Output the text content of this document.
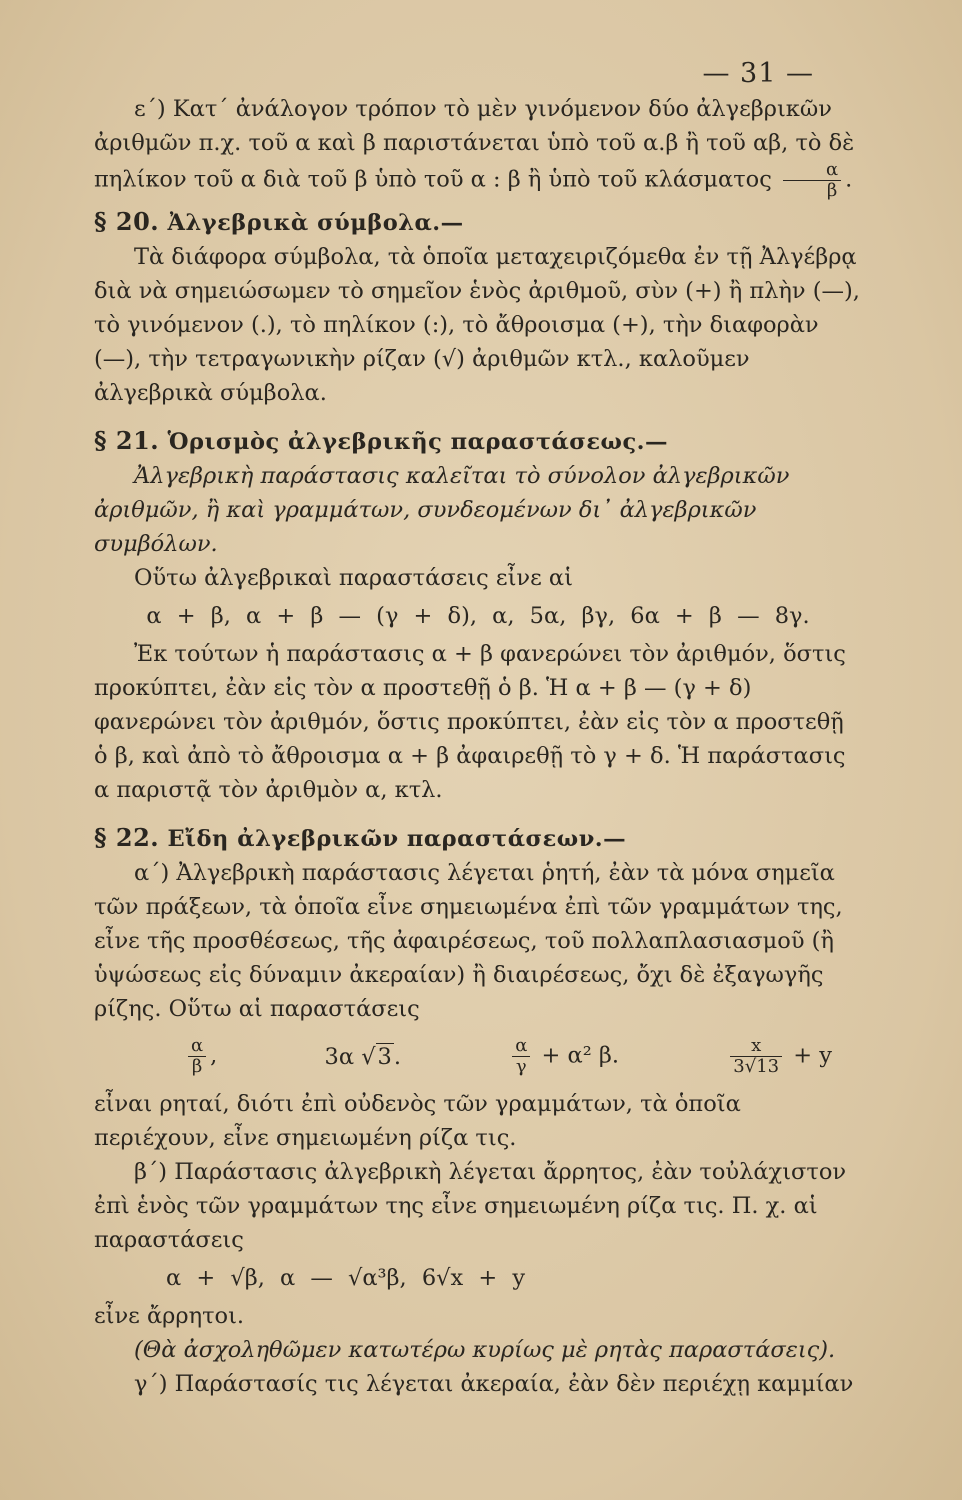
— 31 —

ε΄) Κατ΄ ἀνάλογον τρόπον τὸ μὲν γινόμενον δύο ἀλγεβρικῶν ἀριθμῶν π.χ. τοῦ α καὶ β παριστάνεται ὑπὸ τοῦ α.β ἢ τοῦ αβ, τὸ δὲ πηλίκον τοῦ α διὰ τοῦ β ὑπὸ τοῦ α : β ἢ ὑπὸ τοῦ κλάσματος $\frac{\alpha}{\beta}$ .

§ 20. Ἀλγεβρικὰ σύμβολα.—

Τὰ διάφορα σύμβολα, τὰ ὁποῖα μεταχειριζόμεθα ἐν τῇ Ἀλγέβρᾳ διὰ νὰ σημειώσωμεν τὸ σημεῖον ἑνὸς ἀριθμοῦ, σὺν (+) ἢ πλὴν (—), τὸ γινόμενον (.), τὸ πηλίκον (:), τὸ ἄθροισμα (+), τὴν διαφορὰν (—), τὴν τετραγωνικὴν ρίζαν (√) ἀριθμῶν κτλ., καλοῦμεν ἀλγεβρικὰ σύμβολα.

§ 21. Ὁρισμὸς ἀλγεβρικῆς παραστάσεως.—

Ἀλγεβρικὴ παράστασις καλεῖται τὸ σύνολον ἀλγεβρικῶν ἀριθμῶν, ἢ καὶ γραμμάτων, συνδεομένων δι᾿ ἀλγεβρικῶν συμβόλων.

Οὕτω ἀλγεβρικαὶ παραστάσεις εἶνε αἱ

α + β, α + β — (γ + δ), α, 5α, βγ, 6α + β — 8γ.

Ἐκ τούτων ἡ παράστασις α + β φανερώνει τὸν ἀριθμόν, ὅστις προκύπτει, ἐὰν εἰς τὸν α προστεθῇ ὁ β. Ἡ α + β — (γ + δ) φανερώνει τὸν ἀριθμόν, ὅστις προκύπτει, ἐὰν εἰς τὸν α προστεθῇ ὁ β, καὶ ἀπὸ τὸ ἄθροισμα α + β ἀφαιρεθῇ τὸ γ + δ. Ἡ παράστασις α παριστᾷ τὸν ἀριθμὸν α, κτλ.

§ 22. Εἴδη ἀλγεβρικῶν παραστάσεων.—

α΄) Ἀλγεβρικὴ παράστασις λέγεται ῥητή, ἐὰν τὰ μόνα σημεῖα τῶν πράξεων, τὰ ὁποῖα εἶνε σημειωμένα ἐπὶ τῶν γραμμάτων της, εἶνε τῆς προσθέσεως, τῆς ἀφαιρέσεως, τοῦ πολλαπλασιασμοῦ (ἢ ὑψώσεως εἰς δύναμιν ἀκεραίαν) ἢ διαιρέσεως, ὄχι δὲ ἐξαγωγῆς ρίζης. Οὕτω αἱ παραστάσεις

$\frac{\alpha}{\beta}$ ,	3α √3.	$\frac{\alpha}{\gamma} + \alpha^2$ β.	$\frac{x}{3√13} + y$

εἶναι ρηταί, διότι ἐπὶ οὐδενὸς τῶν γραμμάτων, τὰ ὁποῖα περιέχουν, εἶνε σημειωμένη ρίζα τις.

β΄) Παράστασις ἀλγεβρικὴ λέγεται ἄρρητος, ἐὰν τοὐλάχιστον ἐπὶ ἑνὸς τῶν γραμμάτων της εἶνε σημειωμένη ρίζα τις. Π. χ. αἱ παραστάσεις

α + √β, α — √α³β, 6√x + y

εἶνε ἄρρητοι.

(Θὰ ἀσχοληθῶμεν κατωτέρω κυρίως μὲ ρητὰς παραστάσεις).

γ΄) Παράστασίς τις λέγεται ἀκεραία, ἐὰν δὲν περιέχῃ καμμίαν
